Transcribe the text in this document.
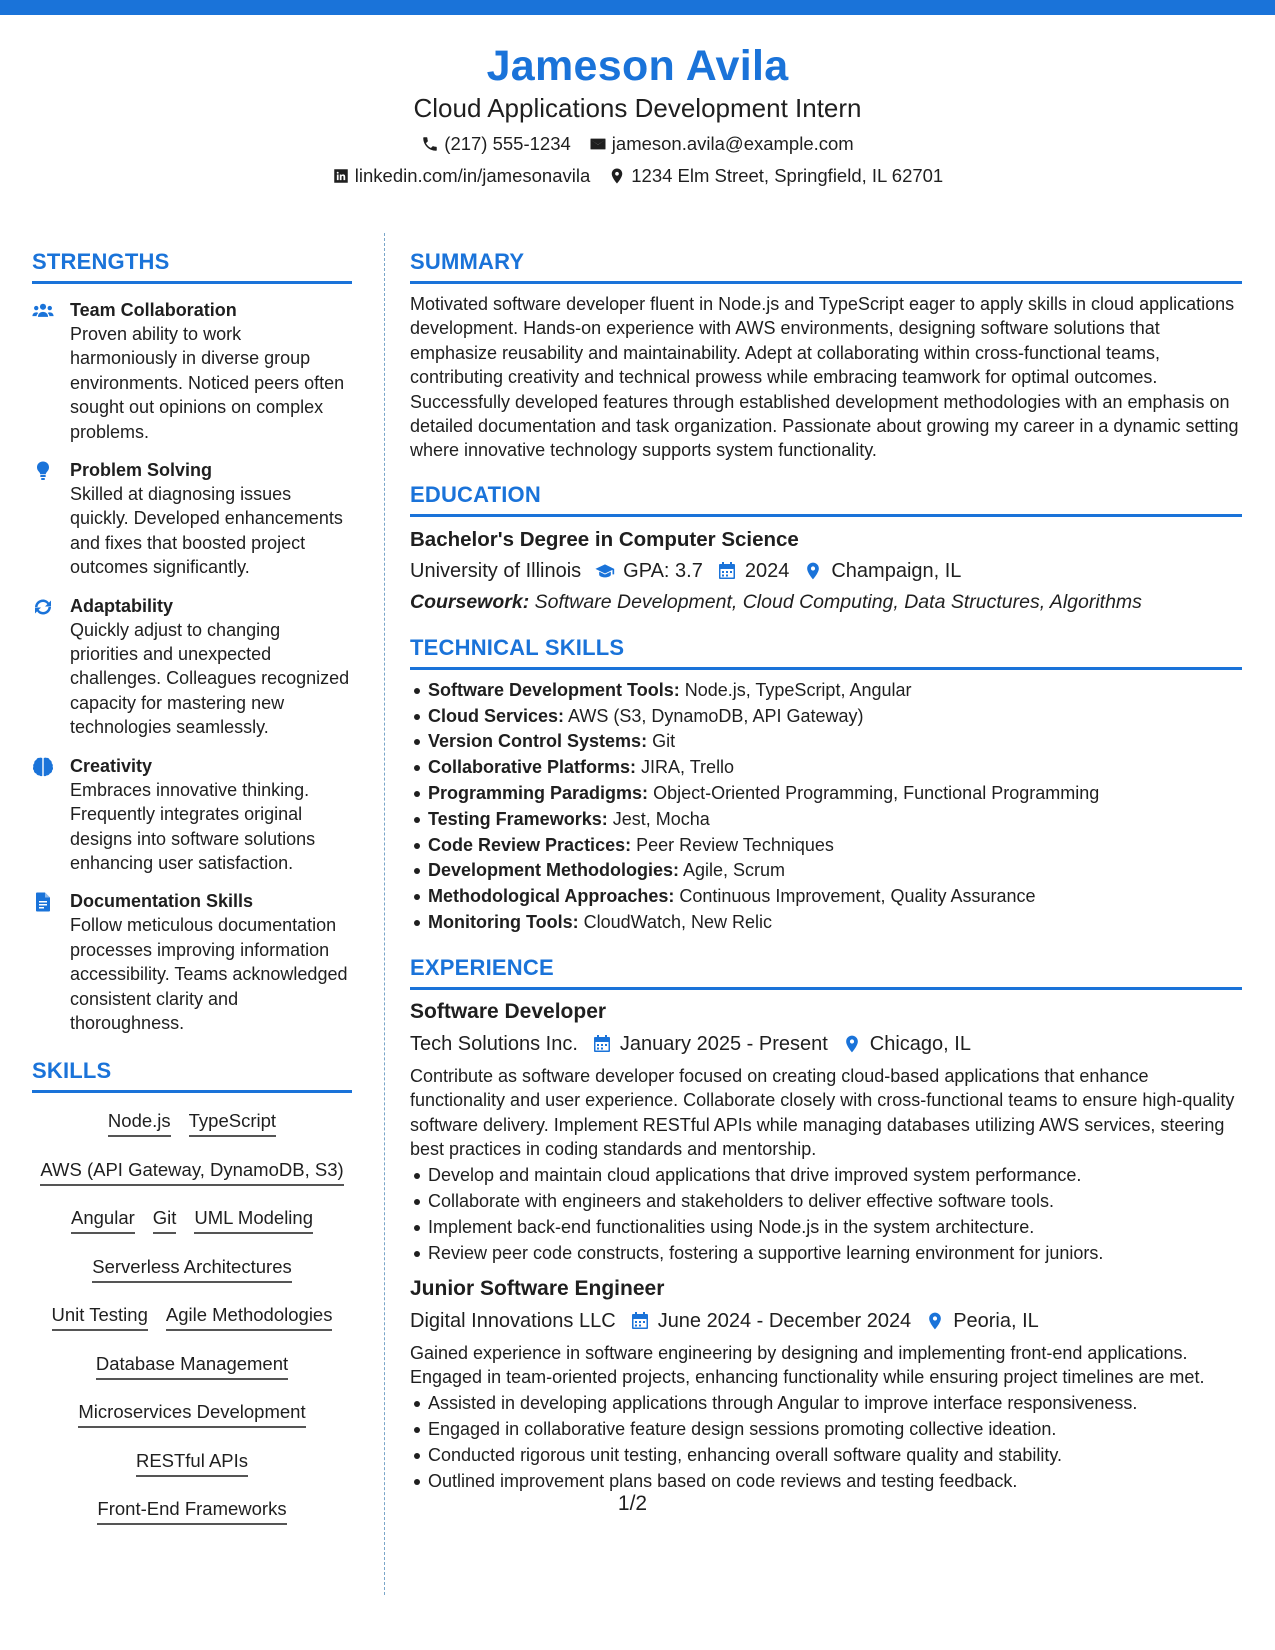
Jameson Avila
Cloud Applications Development Intern
(217) 555-1234 jameson.avila@example.com
linkedin.com/in/jamesonavila 1234 Elm Street, Springfield, IL 62701
STRENGTHS
Team Collaboration
Proven ability to work harmoniously in diverse group environments. Noticed peers often sought out opinions on complex problems.
Problem Solving
Skilled at diagnosing issues quickly. Developed enhancements and fixes that boosted project outcomes significantly.
Adaptability
Quickly adjust to changing priorities and unexpected challenges. Colleagues recognized capacity for mastering new technologies seamlessly.
Creativity
Embraces innovative thinking. Frequently integrates original designs into software solutions enhancing user satisfaction.
Documentation Skills
Follow meticulous documentation processes improving information accessibility. Teams acknowledged consistent clarity and thoroughness.
SKILLS
Node.js TypeScript
AWS (API Gateway, DynamoDB, S3)
Angular Git UML Modeling
Serverless Architectures
Unit Testing Agile Methodologies
Database Management
Microservices Development
RESTful APIs
Front-End Frameworks
SUMMARY
Motivated software developer fluent in Node.js and TypeScript eager to apply skills in cloud applications development. Hands-on experience with AWS environments, designing software solutions that emphasize reusability and maintainability. Adept at collaborating within cross-functional teams, contributing creativity and technical prowess while embracing teamwork for optimal outcomes. Successfully developed features through established development methodologies with an emphasis on detailed documentation and task organization. Passionate about growing my career in a dynamic setting where innovative technology supports system functionality.
EDUCATION
Bachelor's Degree in Computer Science
University of Illinois GPA: 3.7 2024 Champaign, IL
Coursework: Software Development, Cloud Computing, Data Structures, Algorithms
TECHNICAL SKILLS
Software Development Tools: Node.js, TypeScript, Angular
Cloud Services: AWS (S3, DynamoDB, API Gateway)
Version Control Systems: Git
Collaborative Platforms: JIRA, Trello
Programming Paradigms: Object-Oriented Programming, Functional Programming
Testing Frameworks: Jest, Mocha
Code Review Practices: Peer Review Techniques
Development Methodologies: Agile, Scrum
Methodological Approaches: Continuous Improvement, Quality Assurance
Monitoring Tools: CloudWatch, New Relic
EXPERIENCE
Software Developer
Tech Solutions Inc. January 2025 - Present Chicago, IL
Contribute as software developer focused on creating cloud-based applications that enhance functionality and user experience. Collaborate closely with cross-functional teams to ensure high-quality software delivery. Implement RESTful APIs while managing databases utilizing AWS services, steering best practices in coding standards and mentorship.
Develop and maintain cloud applications that drive improved system performance.
Collaborate with engineers and stakeholders to deliver effective software tools.
Implement back-end functionalities using Node.js in the system architecture.
Review peer code constructs, fostering a supportive learning environment for juniors.
Junior Software Engineer
Digital Innovations LLC June 2024 - December 2024 Peoria, IL
Gained experience in software engineering by designing and implementing front-end applications. Engaged in team-oriented projects, enhancing functionality while ensuring project timelines are met.
Assisted in developing applications through Angular to improve interface responsiveness.
Engaged in collaborative feature design sessions promoting collective ideation.
Conducted rigorous unit testing, enhancing overall software quality and stability.
Outlined improvement plans based on code reviews and testing feedback.
1/2
